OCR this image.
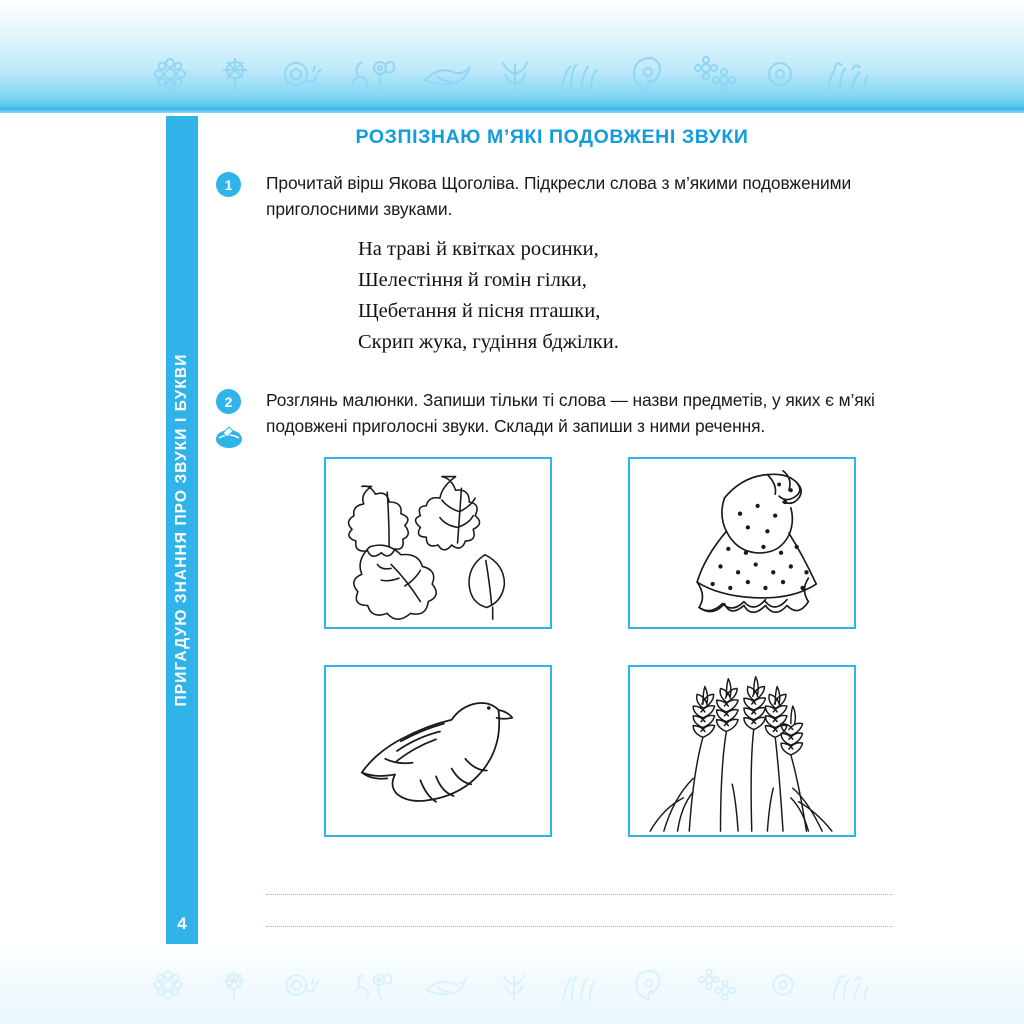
ПРИГАДУЮ ЗНАННЯ ПРО ЗВУКИ І БУКВИ
4
РОЗПІЗНАЮ М’ЯКІ ПОДОВЖЕНІ ЗВУКИ
1	Прочитай вірш Якова Щоголіва. Підкресли слова з м’якими подовженими приголосними звуками.
На траві й квітках росинки,
Шелестіння й гомін гілки,
Щебетання й пісня пташки,
Скрип жука, гудіння бджілки.
2	Розглянь малюнки. Запиши тільки ті слова — назви предметів, у яких є м’які подовжені приголосні звуки. Склади й запиши з ними речення.
